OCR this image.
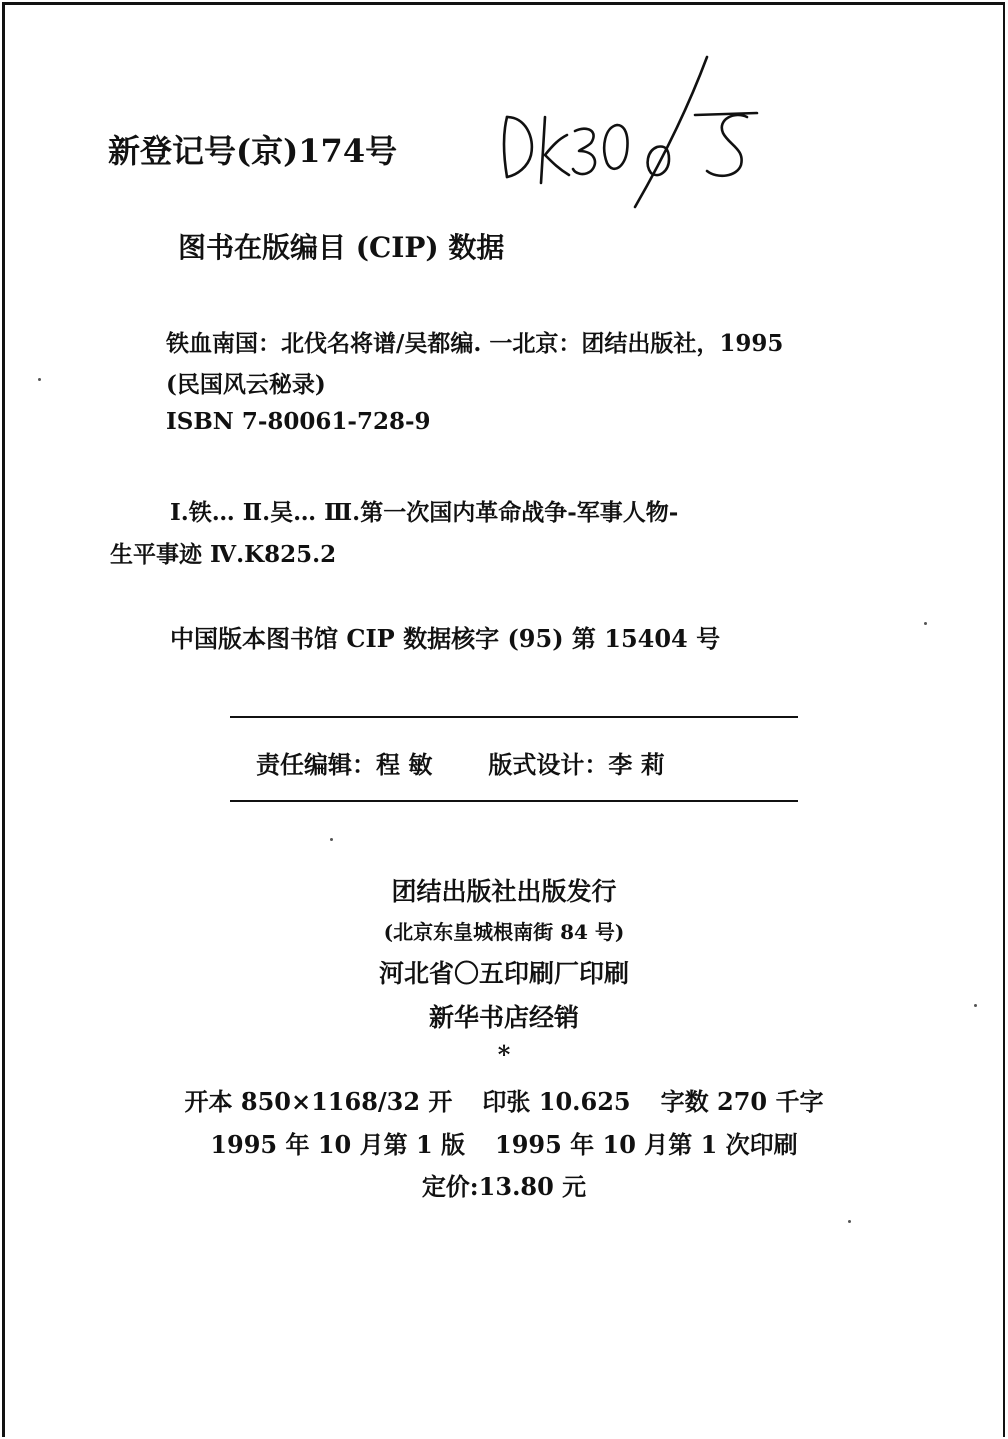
新登记号(京)174号
图书在版编目 (CIP) 数据
铁血南国：北伐名将谱/吴都编. 一北京：团结出版社，1995
(民国风云秘录)
ISBN 7-80061-728-9
Ⅰ.铁… Ⅱ.吴… Ⅲ.第一次国内革命战争-军事人物-
生平事迹 Ⅳ.K825.2
中国版本图书馆 CIP 数据核字 (95) 第 15404 号
责任编辑：程 敏 版式设计：李 莉
团结出版社出版发行
(北京东皇城根南街 84 号)
河北省〇五印刷厂印刷
新华书店经销
*
开本 850×1168/32 开 印张 10.625 字数 270 千字
1995 年 10 月第 1 版 1995 年 10 月第 1 次印刷
定价:13.80 元
